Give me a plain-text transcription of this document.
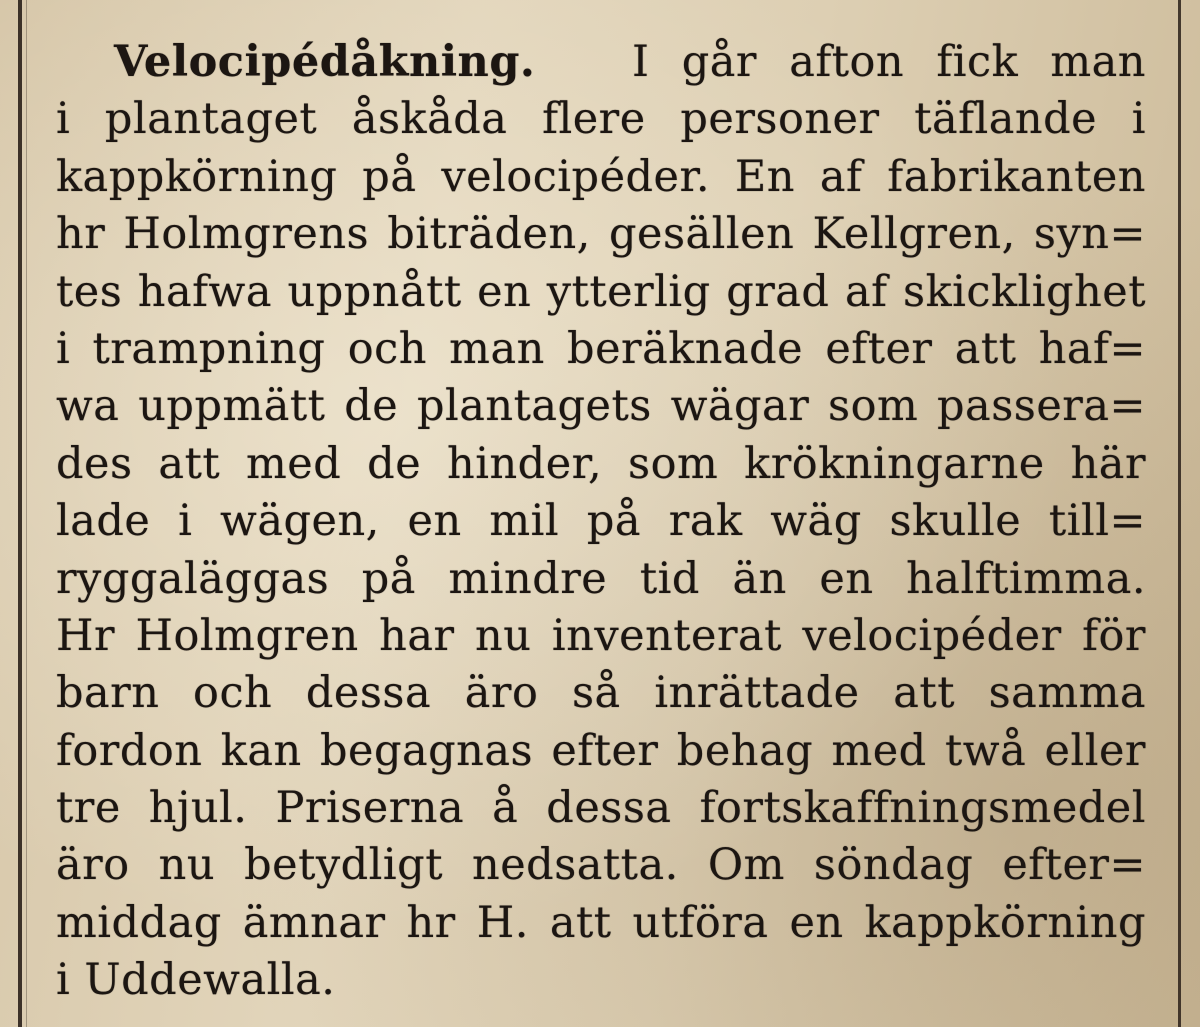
Velocipédåkning. I går afton fick man
i plantaget åskåda flere personer täflande i
kappkörning på velocipéder. En af fabrikanten
hr Holmgrens biträden, gesällen Kellgren, syn=
tes hafwa uppnått en ytterlig grad af skicklighet
i trampning och man beräknade efter att haf=
wa uppmätt de plantagets wägar som passera=
des att med de hinder, som krökningarne här
lade i wägen, en mil på rak wäg skulle till=
ryggaläggas på mindre tid än en halftimma.
Hr Holmgren har nu inventerat velocipéder för
barn och dessa äro så inrättade att samma
fordon kan begagnas efter behag med twå eller
tre hjul. Priserna å dessa fortskaffningsmedel
äro nu betydligt nedsatta. Om söndag efter=
middag ämnar hr H. att utföra en kappkörning
i Uddewalla.
